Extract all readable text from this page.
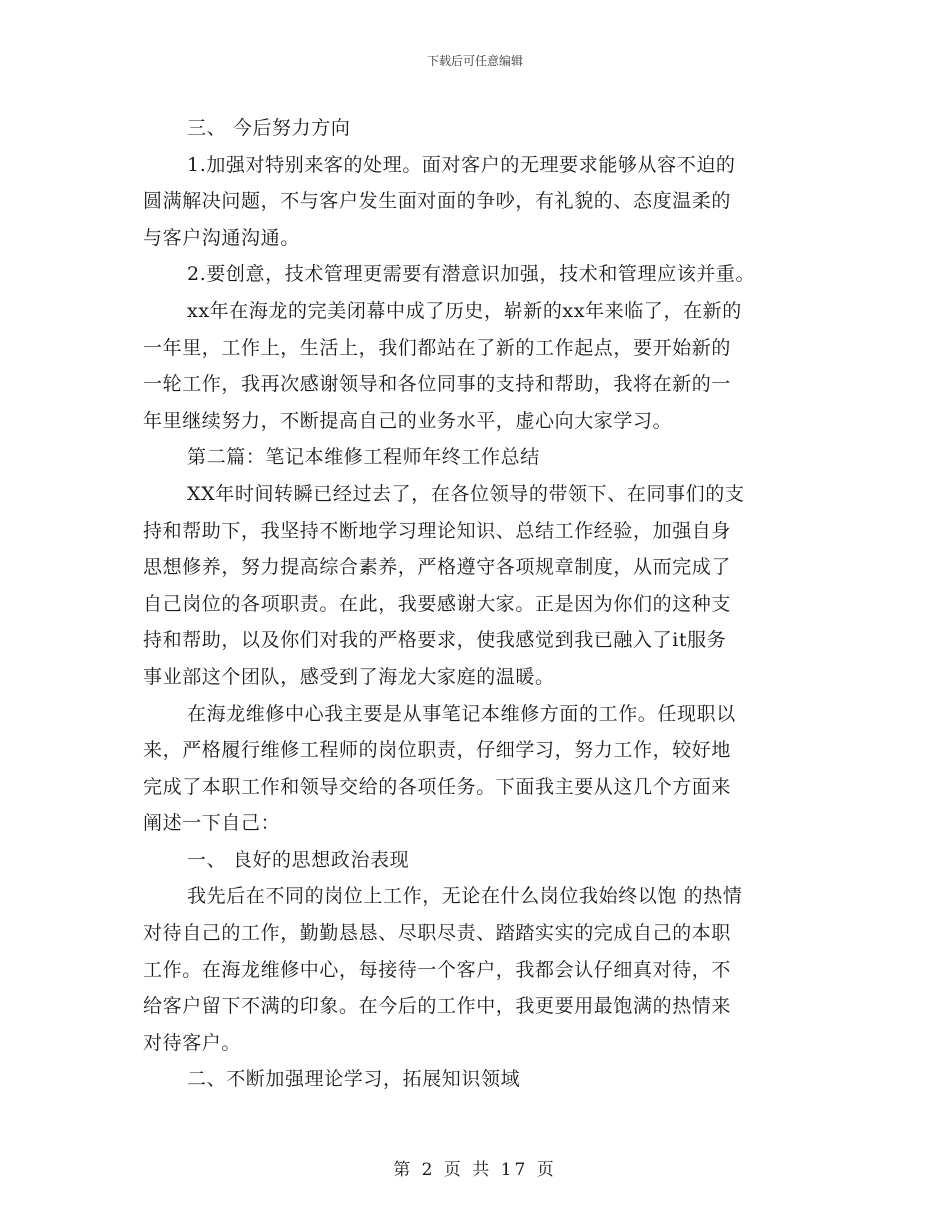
下载后可任意编辑
三、 今后努力方向
1.加强对特别来客的处理。面对客户的无理要求能够从容不迫的
圆满解决问题，不与客户发生面对面的争吵，有礼貌的、态度温柔的
与客户沟通沟通。
2.要创意，技术管理更需要有潜意识加强，技术和管理应该并重。
xx年在海龙的完美闭幕中成了历史，崭新的xx年来临了，在新的
一年里，工作上，生活上，我们都站在了新的工作起点，要开始新的
一轮工作，我再次感谢领导和各位同事的支持和帮助，我将在新的一
年里继续努力，不断提高自己的业务水平，虚心向大家学习。
第二篇：笔记本维修工程师年终工作总结
XX年时间转瞬已经过去了，在各位领导的带领下、在同事们的支
持和帮助下，我坚持不断地学习理论知识、总结工作经验，加强自身
思想修养，努力提高综合素养，严格遵守各项规章制度，从而完成了
自己岗位的各项职责。在此，我要感谢大家。正是因为你们的这种支
持和帮助，以及你们对我的严格要求，使我感觉到我已融入了it服务
事业部这个团队，感受到了海龙大家庭的温暖。
在海龙维修中心我主要是从事笔记本维修方面的工作。任现职以
来，严格履行维修工程师的岗位职责，仔细学习，努力工作，较好地
完成了本职工作和领导交给的各项任务。下面我主要从这几个方面来
阐述一下自己：
一、 良好的思想政治表现
我先后在不同的岗位上工作，无论在什么岗位我始终以饱 的热情
对待自己的工作，勤勤恳恳、尽职尽责、踏踏实实的完成自己的本职
工作。在海龙维修中心，每接待一个客户，我都会认仔细真对待，不
给客户留下不满的印象。在今后的工作中，我更要用最饱满的热情来
对待客户。
二、不断加强理论学习，拓展知识领域
第 2 页 共 17 页
